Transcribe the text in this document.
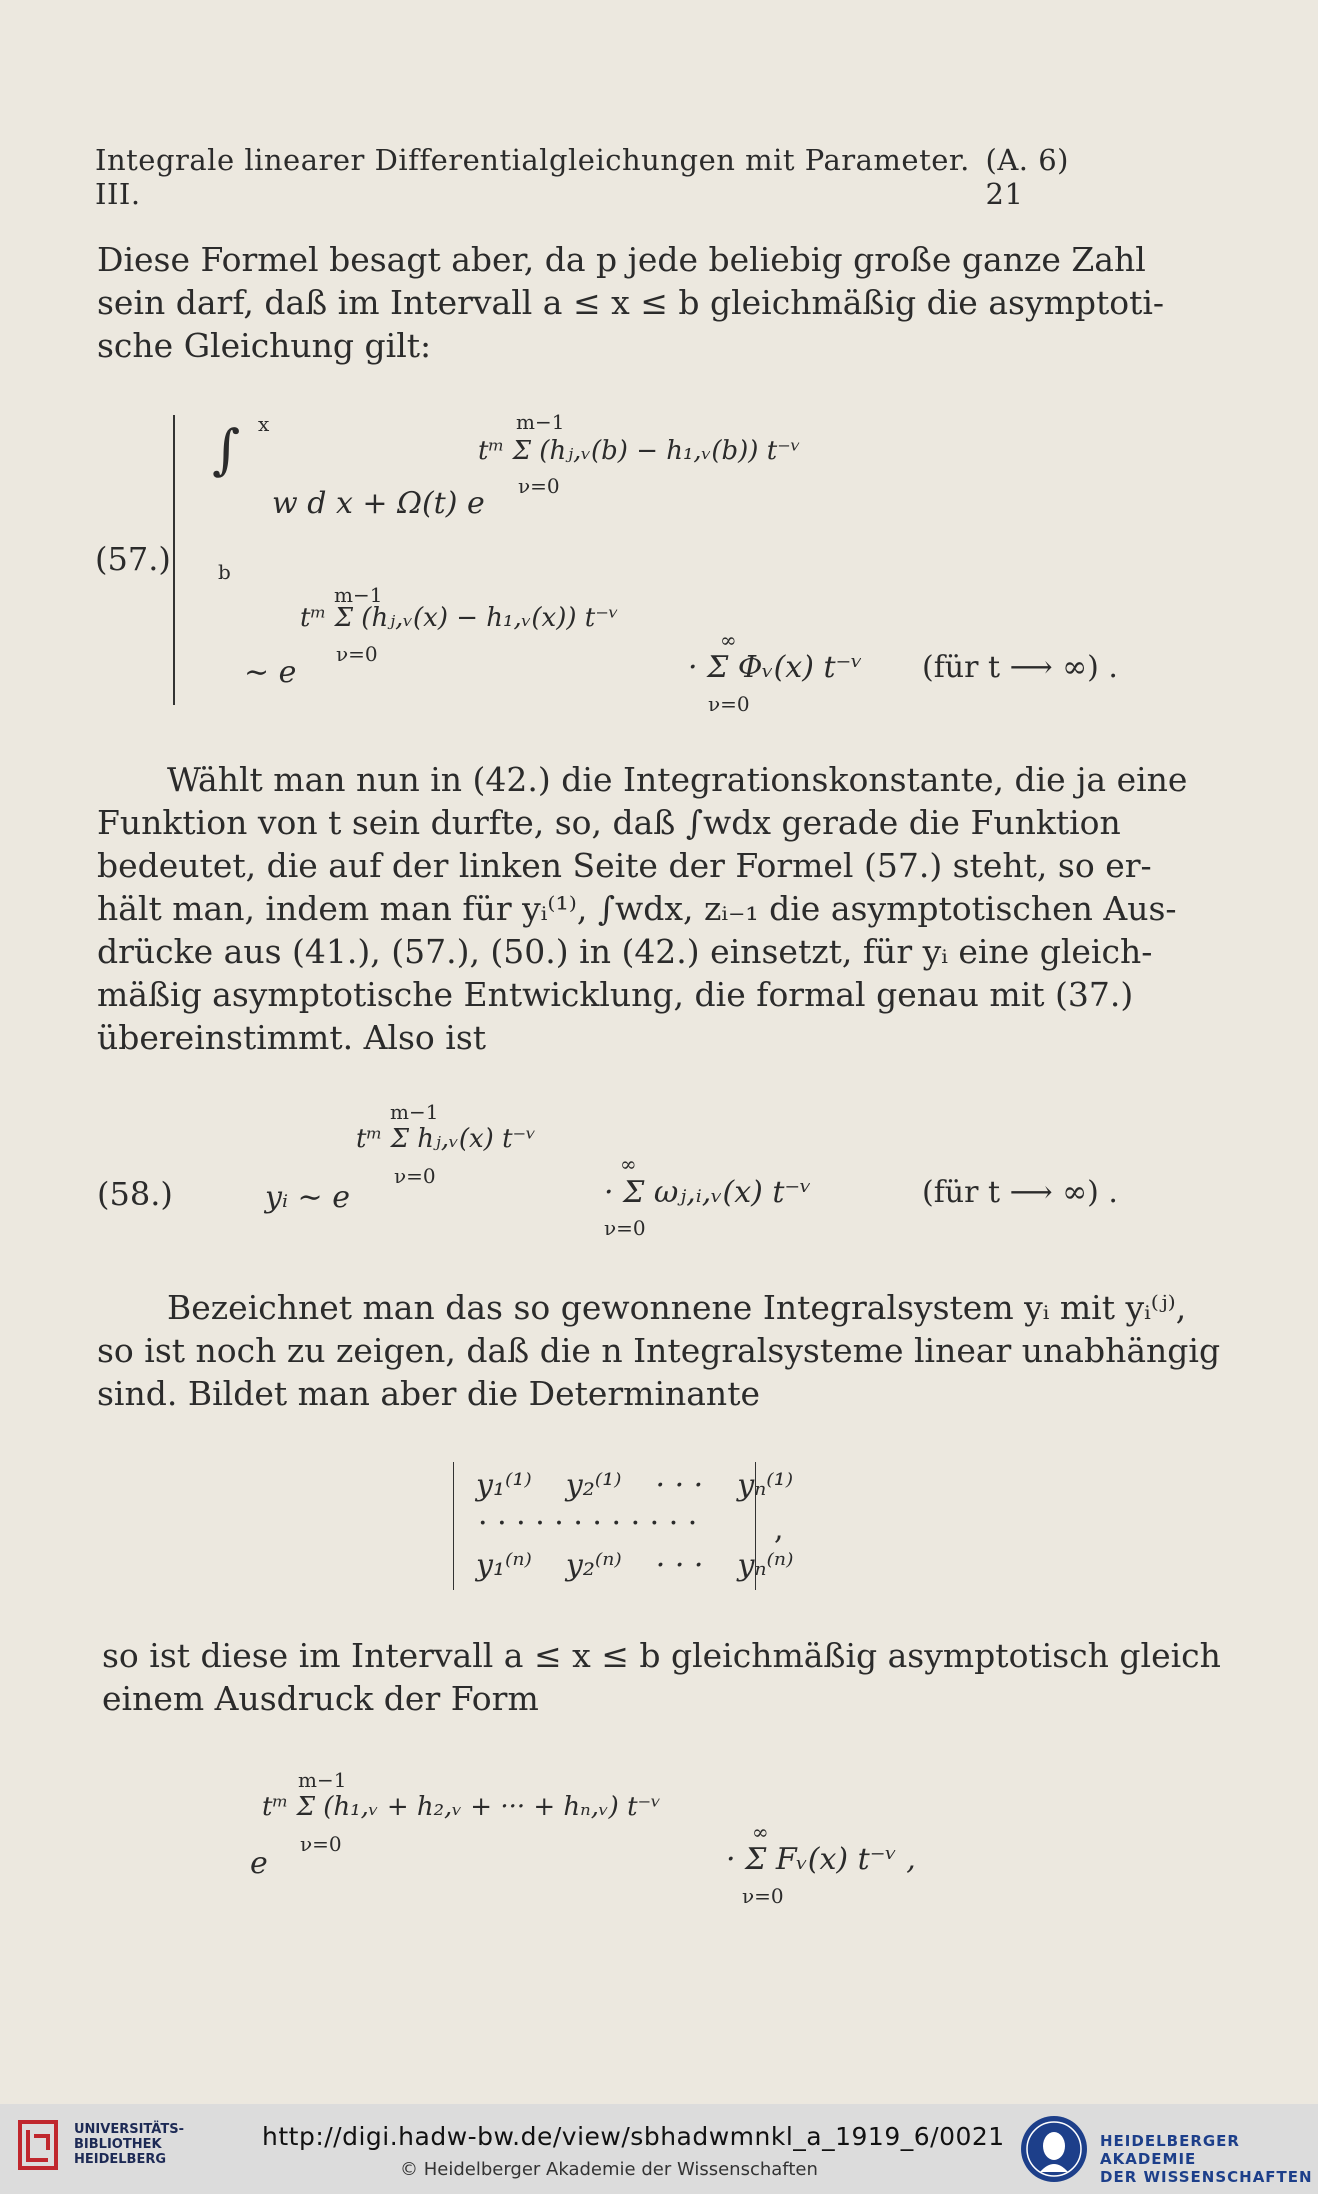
Integrale linearer Differentialgleichungen mit Parameter. III.
(A. 6) 21
Diese Formel besagt aber, da p jede beliebig große ganze Zahl
sein darf, daß im Intervall a ≤ x ≤ b gleichmäßig die asymptoti-
sche Gleichung gilt:
(57.)
∫ x
b
w d x + Ω(t) e
m−1
tᵐ Σ (hⱼ,ᵥ(b) − h₁,ᵥ(b)) t⁻ᵛ
ν=0
m−1
tᵐ Σ (hⱼ,ᵥ(x) − h₁,ᵥ(x)) t⁻ᵛ
ν=0
∼ e
∞
· Σ Φᵥ(x) t⁻ᵛ
ν=0
(für t ⟶ ∞) .
Wählt man nun in (42.) die Integrationskonstante, die ja eine
Funktion von t sein durfte, so, daß ∫wdx gerade die Funktion
bedeutet, die auf der linken Seite der Formel (57.) steht, so er-
hält man, indem man für yᵢ⁽¹⁾, ∫wdx, zᵢ₋₁ die asymptotischen Aus-
drücke aus (41.), (57.), (50.) in (42.) einsetzt, für yᵢ eine gleich-
mäßig asymptotische Entwicklung, die formal genau mit (37.)
übereinstimmt. Also ist
(58.)
m−1
tᵐ Σ hⱼ,ᵥ(x) t⁻ᵛ
ν=0
yᵢ ∼ e
∞
· Σ ωⱼ,ᵢ,ᵥ(x) t⁻ᵛ
ν=0
(für t ⟶ ∞) .
Bezeichnet man das so gewonnene Integralsystem yᵢ mit yᵢ⁽ʲ⁾,
so ist noch zu zeigen, daß die n Integralsysteme linear unabhängig
sind. Bildet man aber die Determinante
y₁⁽¹⁾ y₂⁽¹⁾ · · · yₙ⁽¹⁾
· · · · · · · · · · · ·
y₁⁽ⁿ⁾ y₂⁽ⁿ⁾ · · · yₙ⁽ⁿ⁾
,
so ist diese im Intervall a ≤ x ≤ b gleichmäßig asymptotisch gleich
einem Ausdruck der Form
m−1
tᵐ Σ (h₁,ᵥ + h₂,ᵥ + ··· + hₙ,ᵥ) t⁻ᵛ
ν=0
e
∞
· Σ Fᵥ(x) t⁻ᵛ ,
ν=0
UNIVERSITÄTS-
BIBLIOTHEK
HEIDELBERG
http://digi.hadw-bw.de/view/sbhadwmnkl_a_1919_6/0021
© Heidelberger Akademie der Wissenschaften
HEIDELBERGER AKADEMIE
DER WISSENSCHAFTEN
